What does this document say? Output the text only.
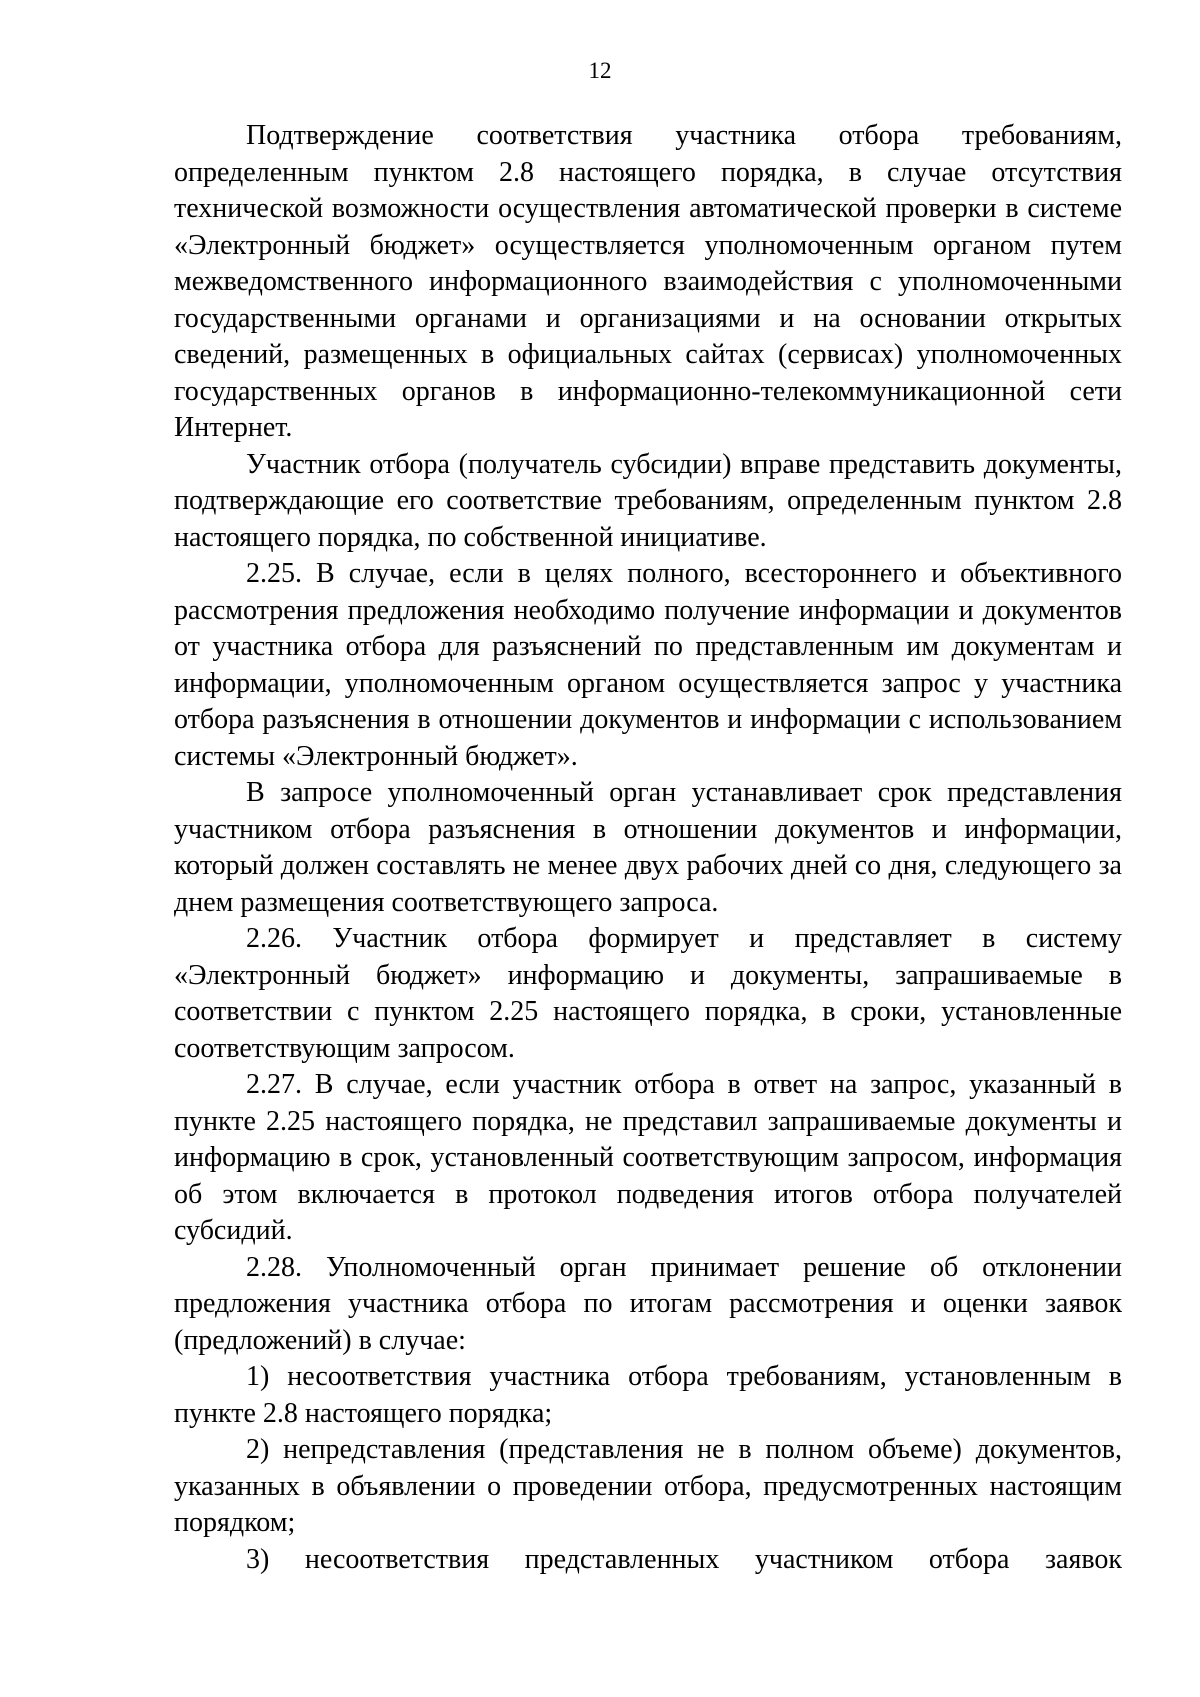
12

Подтверждение соответствия участника отбора требованиям, определенным пунктом 2.8 настоящего порядка, в случае отсутствия технической возможности осуществления автоматической проверки в системе «Электронный бюджет» осуществляется уполномоченным органом путем межведомственного информационного взаимодействия с уполномоченными государственными органами и организациями и на основании открытых сведений, размещенных в официальных сайтах (сервисах) уполномоченных государственных органов в информационно-телекоммуникационной сети Интернет.

Участник отбора (получатель субсидии) вправе представить документы, подтверждающие его соответствие требованиям, определенным пунктом 2.8 настоящего порядка, по собственной инициативе.

2.25. В случае, если в целях полного, всестороннего и объективного рассмотрения предложения необходимо получение информации и документов от участника отбора для разъяснений по представленным им документам и информации, уполномоченным органом осуществляется запрос у участника отбора разъяснения в отношении документов и информации с использованием системы «Электронный бюджет».

В запросе уполномоченный орган устанавливает срок представления участником отбора разъяснения в отношении документов и информации, который должен составлять не менее двух рабочих дней со дня, следующего за днем размещения соответствующего запроса.

2.26. Участник отбора формирует и представляет в систему «Электронный бюджет» информацию и документы, запрашиваемые в соответствии с пунктом 2.25 настоящего порядка, в сроки, установленные соответствующим запросом.

2.27. В случае, если участник отбора в ответ на запрос, указанный в пункте 2.25 настоящего порядка, не представил запрашиваемые документы и информацию в срок, установленный соответствующим запросом, информация об этом включается в протокол подведения итогов отбора получателей субсидий.

2.28. Уполномоченный орган принимает решение об отклонении предложения участника отбора по итогам рассмотрения и оценки заявок (предложений) в случае:

1) несоответствия участника отбора требованиям, установленным в пункте 2.8 настоящего порядка;

2) непредставления (представления не в полном объеме) документов, указанных в объявлении о проведении отбора, предусмотренных настоящим порядком;

3) несоответствия представленных участником отбора заявок
